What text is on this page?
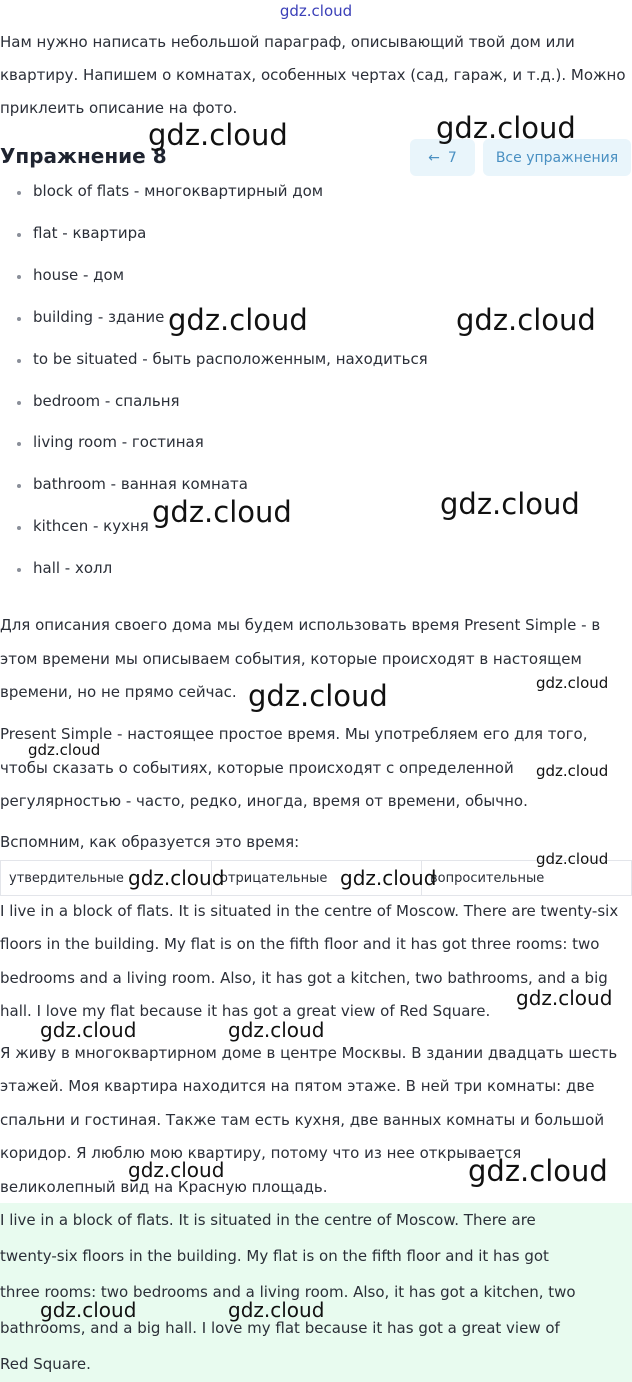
gdz.cloud
Нам нужно написать небольшой параграф, описывающий твой дом или
квартиру. Напишем о комнатах, особенных чертах (сад, гараж, и т.д.). Можно
приклеить описание на фото.
Упражнение 8	← 7	Все упражнения
block of flats - многоквартирный дом
flat - квартира
house - дом
building - здание
to be situated - быть расположенным, находиться
bedroom - спальня
living room - гостиная
bathroom - ванная комната
kithcen - кухня
hall - холл
Для описания своего дома мы будем использовать время Present Simple - в
этом времени мы описываем события, которые происходят в настоящем
времени, но не прямо сейчас.
Present Simple - настоящее простое время. Мы употребляем его для того,
чтобы сказать о событиях, которые происходят с определенной
регулярностью - часто, редко, иногда, время от времени, обычно.
Вспомним, как образуется это время:
утвердительные	отрицательные	вопросительные
I live in a block of flats. It is situated in the centre of Moscow. There are twenty-six
floors in the building. My flat is on the fifth floor and it has got three rooms: two
bedrooms and a living room. Also, it has got a kitchen, two bathrooms, and a big
hall. I love my flat because it has got a great view of Red Square.
Я живу в многоквартирном доме в центре Москвы. В здании двадцать шесть
этажей. Моя квартира находится на пятом этаже. В ней три комнаты: две
спальни и гостиная. Также там есть кухня, две ванных комнаты и большой
коридор. Я люблю мою квартиру, потому что из нее открывается
великолепный вид на Красную площадь.
I live in a block of flats. It is situated in the centre of Moscow. There are
twenty-six floors in the building. My flat is on the fifth floor and it has got
three rooms: two bedrooms and a living room. Also, it has got a kitchen, two
bathrooms, and a big hall. I love my flat because it has got a great view of
Red Square.
gdz.cloud	gdz.cloud
gdz.cloud	gdz.cloud
gdz.cloud
gdz.cloud
gdz.cloud	gdz.cloud
gdz.cloud
gdz.cloud
gdz.cloud
gdz.cloud	gdz.cloud
gdz.cloud
gdz.cloud	gdz.cloud
gdz.cloud	gdz.cloud
gdz.cloud	gdz.cloud
